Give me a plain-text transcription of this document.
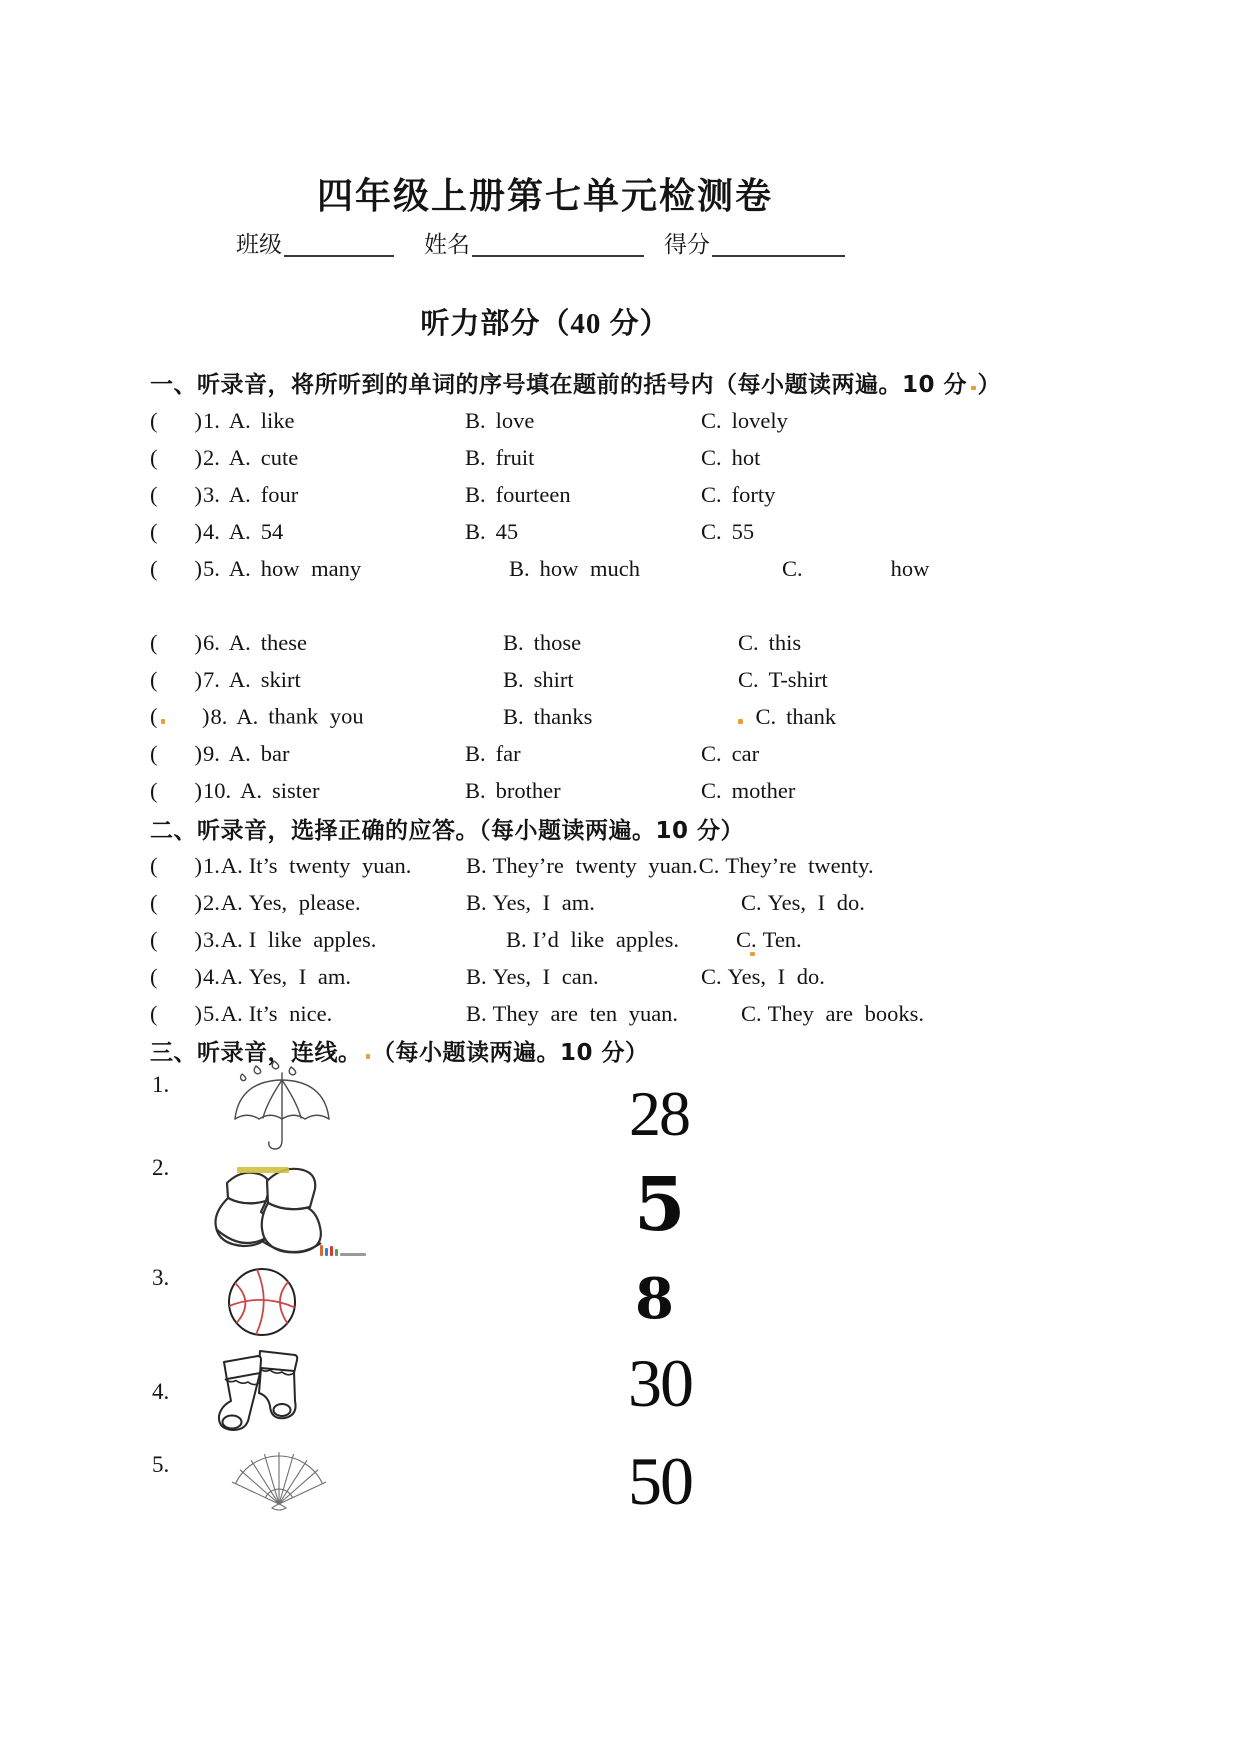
四年级上册第七单元检测卷
班级	姓名	得分
听力部分（40 分）
一、听录音，将所听到的单词的序号填在题前的括号内（每小题读两遍。10 分 ）
( )1. A. like	B. love	C. lovely
( )2. A. cute	B. fruit	C. hot
( )3. A. four	B. fourteen	C. forty
( )4. A. 54	B. 45	C. 55
( )5. A. how many	B. how much	C.	how
( )6. A. these	B. those	C. this
( )7. A. skirt	B. shirt	C. T-shirt
( )8. A. thank you	B. thanks	C. thank
( )9. A. bar	B. far	C. car
( )10. A. sister	B. brother	C. mother
二、听录音，选择正确的应答。（每小题读两遍。10 分）
( )1.A. It’s twenty yuan.	B. They’re twenty yuan. C. They’re twenty.
( )2.A. Yes, please.	B. Yes, I am.	C. Yes, I do.
( )3.A. I like apples.	B. I’d like apples.	C. Ten.
( )4.A. Yes, I am.	B. Yes, I can.	C. Yes, I do.
( )5.A. It’s nice.	B. They are ten yuan.	C. They are books.
三、听录音，连线。 （每小题读两遍。10 分）
1.
2.
3.
4.
5.
28
5
8
30
50
